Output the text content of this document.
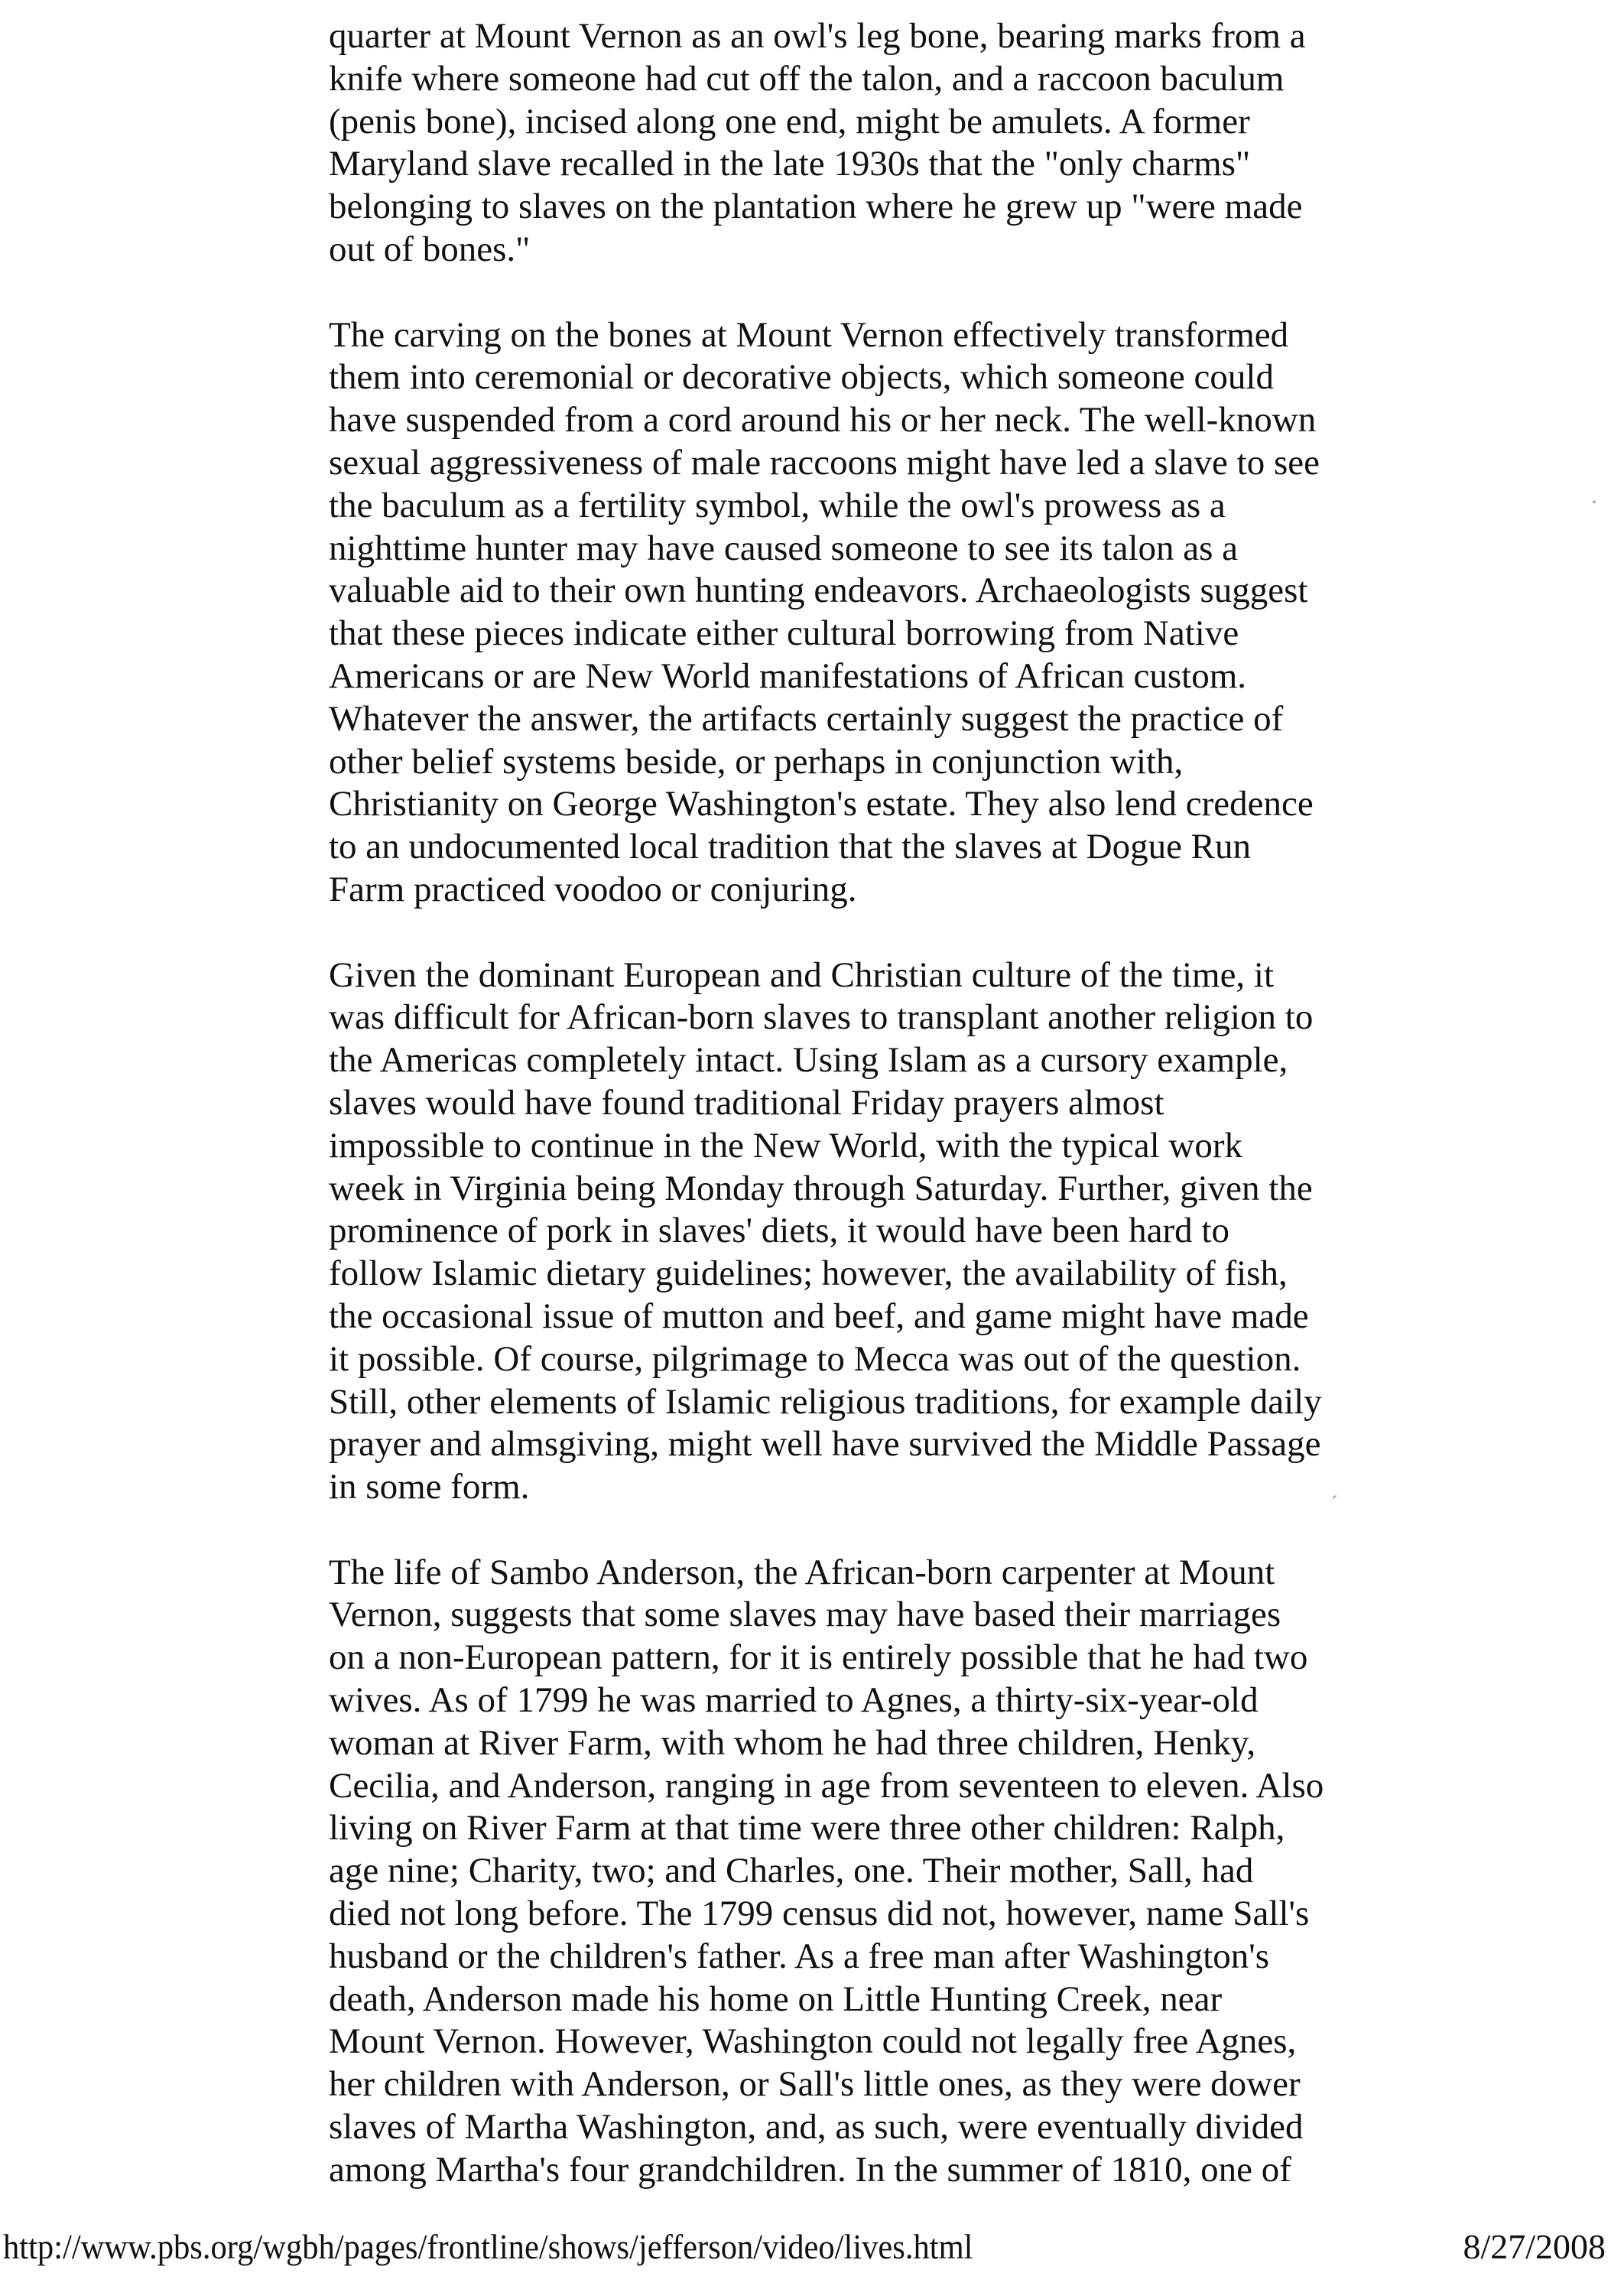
quarter at Mount Vernon as an owl's leg bone, bearing marks from a
knife where someone had cut off the talon, and a raccoon baculum
(penis bone), incised along one end, might be amulets. A former
Maryland slave recalled in the late 1930s that the "only charms"
belonging to slaves on the plantation where he grew up "were made
out of bones."
The carving on the bones at Mount Vernon effectively transformed
them into ceremonial or decorative objects, which someone could
have suspended from a cord around his or her neck. The well-known
sexual aggressiveness of male raccoons might have led a slave to see
the baculum as a fertility symbol, while the owl's prowess as a
nighttime hunter may have caused someone to see its talon as a
valuable aid to their own hunting endeavors. Archaeologists suggest
that these pieces indicate either cultural borrowing from Native
Americans or are New World manifestations of African custom.
Whatever the answer, the artifacts certainly suggest the practice of
other belief systems beside, or perhaps in conjunction with,
Christianity on George Washington's estate. They also lend credence
to an undocumented local tradition that the slaves at Dogue Run
Farm practiced voodoo or conjuring.
Given the dominant European and Christian culture of the time, it
was difficult for African-born slaves to transplant another religion to
the Americas completely intact. Using Islam as a cursory example,
slaves would have found traditional Friday prayers almost
impossible to continue in the New World, with the typical work
week in Virginia being Monday through Saturday. Further, given the
prominence of pork in slaves' diets, it would have been hard to
follow Islamic dietary guidelines; however, the availability of fish,
the occasional issue of mutton and beef, and game might have made
it possible. Of course, pilgrimage to Mecca was out of the question.
Still, other elements of Islamic religious traditions, for example daily
prayer and almsgiving, might well have survived the Middle Passage
in some form.
The life of Sambo Anderson, the African-born carpenter at Mount
Vernon, suggests that some slaves may have based their marriages
on a non-European pattern, for it is entirely possible that he had two
wives. As of 1799 he was married to Agnes, a thirty-six-year-old
woman at River Farm, with whom he had three children, Henky,
Cecilia, and Anderson, ranging in age from seventeen to eleven. Also
living on River Farm at that time were three other children: Ralph,
age nine; Charity, two; and Charles, one. Their mother, Sall, had
died not long before. The 1799 census did not, however, name Sall's
husband or the children's father. As a free man after Washington's
death, Anderson made his home on Little Hunting Creek, near
Mount Vernon. However, Washington could not legally free Agnes,
her children with Anderson, or Sall's little ones, as they were dower
slaves of Martha Washington, and, as such, were eventually divided
among Martha's four grandchildren. In the summer of 1810, one of
http://www.pbs.org/wgbh/pages/frontline/shows/jefferson/video/lives.html	8/27/2008
ˊ
·
